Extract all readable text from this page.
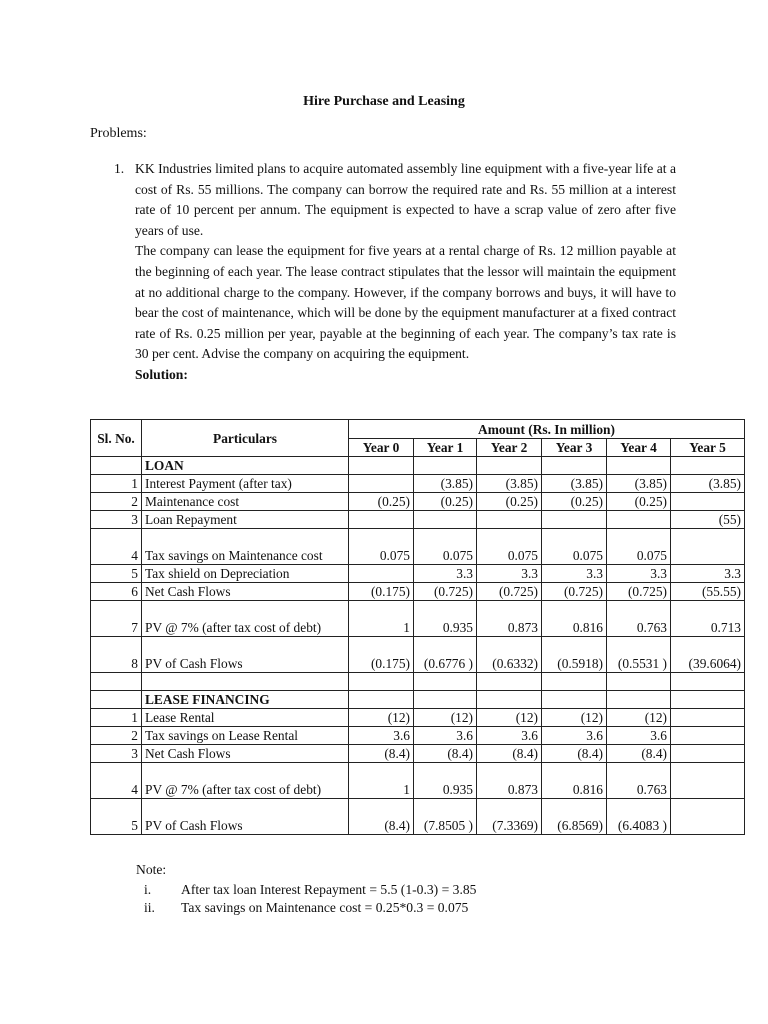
Hire Purchase and Leasing
Problems:
1. KK Industries limited plans to acquire automated assembly line equipment with a five-year life at a cost of Rs. 55 millions. The company can borrow the required rate and Rs. 55 million at a interest rate of 10 percent per annum. The equipment is expected to have a scrap value of zero after five years of use.

The company can lease the equipment for five years at a rental charge of Rs. 12 million payable at the beginning of each year. The lease contract stipulates that the lessor will maintain the equipment at no additional charge to the company. However, if the company borrows and buys, it will have to bear the cost of maintenance, which will be done by the equipment manufacturer at a fixed contract rate of Rs. 0.25 million per year, payable at the beginning of each year. The company’s tax rate is 30 per cent. Advise the company on acquiring the equipment.

Solution:

Sl. No.	Particulars	Amount (Rs. In million)					
		Year 0	Year 1	Year 2	Year 3	Year 4	Year 5
	LOAN						
1	Interest Payment (after tax)		(3.85)	(3.85)	(3.85)	(3.85)	(3.85)
2	Maintenance cost	(0.25)	(0.25)	(0.25)	(0.25)	(0.25)	
3	Loan Repayment						(55)
4	Tax savings on Maintenance cost	0.075	0.075	0.075	0.075	0.075	
5	Tax shield on Depreciation		3.3	3.3	3.3	3.3	3.3
6	Net Cash Flows	(0.175)	(0.725)	(0.725)	(0.725)	(0.725)	(55.55)
7	PV @ 7% (after tax cost of debt)	1	0.935	0.873	0.816	0.763	0.713
8	PV of Cash Flows	(0.175)	(0.6776 )	(0.6332)	(0.5918)	(0.5531 )	(39.6064)

	LEASE FINANCING						
1	Lease Rental	(12)	(12)	(12)	(12)	(12)	
2	Tax savings on Lease Rental	3.6	3.6	3.6	3.6	3.6	
3	Net Cash Flows	(8.4)	(8.4)	(8.4)	(8.4)	(8.4)	
4	PV @ 7% (after tax cost of debt)	1	0.935	0.873	0.816	0.763	
5	PV of Cash Flows	(8.4)	(7.8505 )	(7.3369)	(6.8569)	(6.4083 )	
Note:
i.	After tax loan Interest Repayment = 5.5 (1-0.3) = 3.85
ii.	Tax savings on Maintenance cost = 0.25*0.3 = 0.075
